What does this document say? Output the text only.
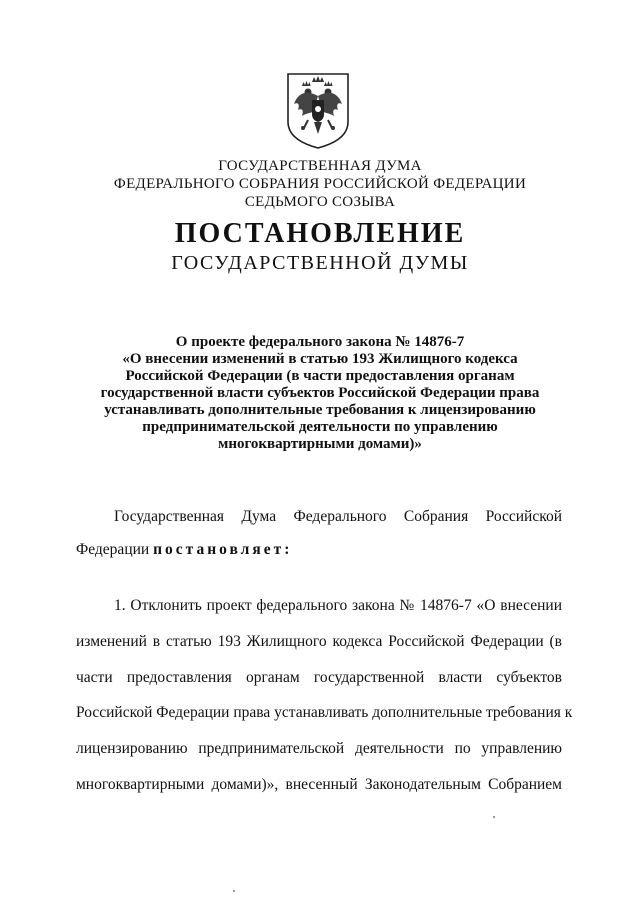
ГОСУДАРСТВЕННАЯ ДУМА
ФЕДЕРАЛЬНОГО СОБРАНИЯ РОССИЙСКОЙ ФЕДЕРАЦИИ
СЕДЬМОГО СОЗЫВА
ПОСТАНОВЛЕНИЕ
ГОСУДАРСТВЕННОЙ ДУМЫ
О проекте федерального закона № 14876-7
«О внесении изменений в статью 193 Жилищного кодекса
Российской Федерации (в части предоставления органам
государственной власти субъектов Российской Федерации права
устанавливать дополнительные требования к лицензированию
предпринимательской деятельности по управлению
многоквартирными домами)»
Государственная Дума Федерального Собрания Российской
Федерации постановляет:
1. Отклонить проект федерального закона № 14876-7 «О внесении
изменений в статью 193 Жилищного кодекса Российской Федерации (в
части предоставления органам государственной власти субъектов
Российской Федерации права устанавливать дополнительные требования к
лицензированию предпринимательской деятельности по управлению
многоквартирными домами)», внесенный Законодательным Собранием
